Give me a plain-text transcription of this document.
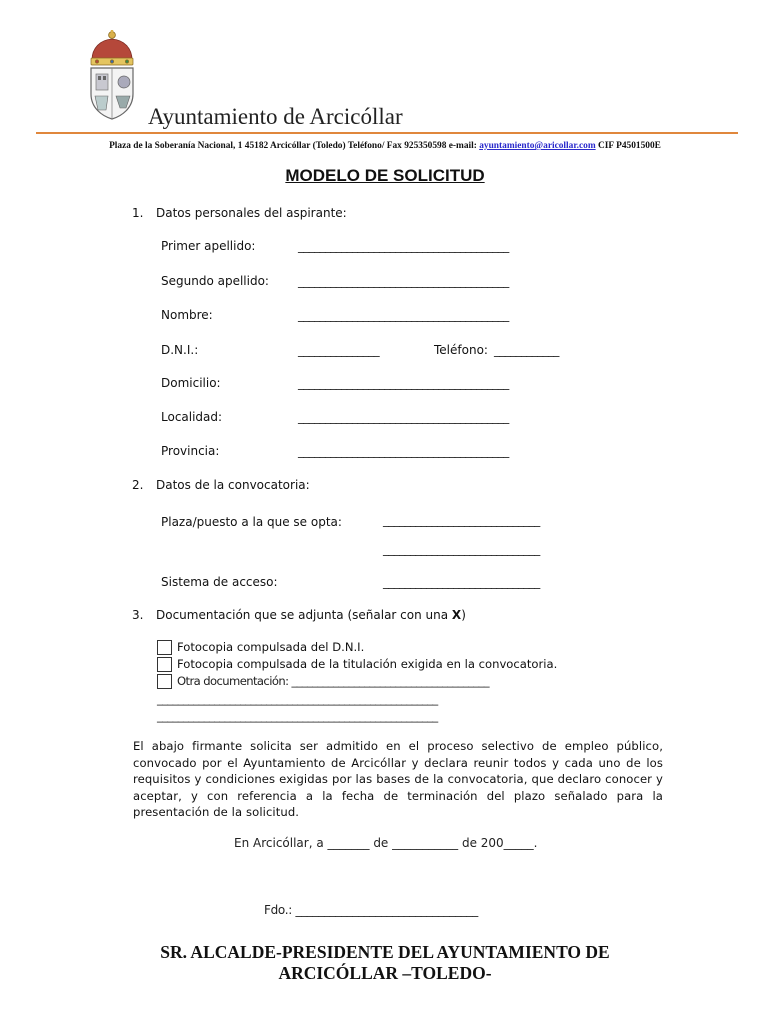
Ayuntamiento de Arcicóllar
Plaza de la Soberanía Nacional, 1 45182 Arcicóllar (Toledo) Teléfono/ Fax 925350598 e-mail: ayuntamiento@aricollar.com CIF P4501500E
MODELO DE SOLICITUD
1. Datos personales del aspirante:
Primer apellido:	_______________________________________
Segundo apellido: _______________________________________
Nombre:	_______________________________________
D.N.I.:	_______________	Teléfono: ____________
Domicilio:	_______________________________________
Localidad:	_______________________________________
Provincia:	_______________________________________
2. Datos de la convocatoria:
Plaza/puesto a la que se opta:	_____________________________
_____________________________
Sistema de acceso:	_____________________________
3. Documentación que se adjunta (señalar con una X)
Fotocopia compulsada del D.N.I.
Fotocopia compulsada de la titulación exigida en la convocatoria.
Otra documentación: ______________________________________
______________________________________________________
______________________________________________________
El abajo firmante solicita ser admitido en el proceso selectivo de empleo público, convocado por el Ayuntamiento de Arcicóllar y declara reunir todos y cada uno de los requisitos y condiciones exigidas por las bases de la convocatoria, que declaro conocer y aceptar, y con referencia a la fecha de terminación del plazo señalado para la presentación de la solicitud.
En Arcicóllar, a _______ de ___________ de 200_____.
Fdo.: ________________________________
SR. ALCALDE-PRESIDENTE DEL AYUNTAMIENTO DE
ARCICÓLLAR –TOLEDO-
